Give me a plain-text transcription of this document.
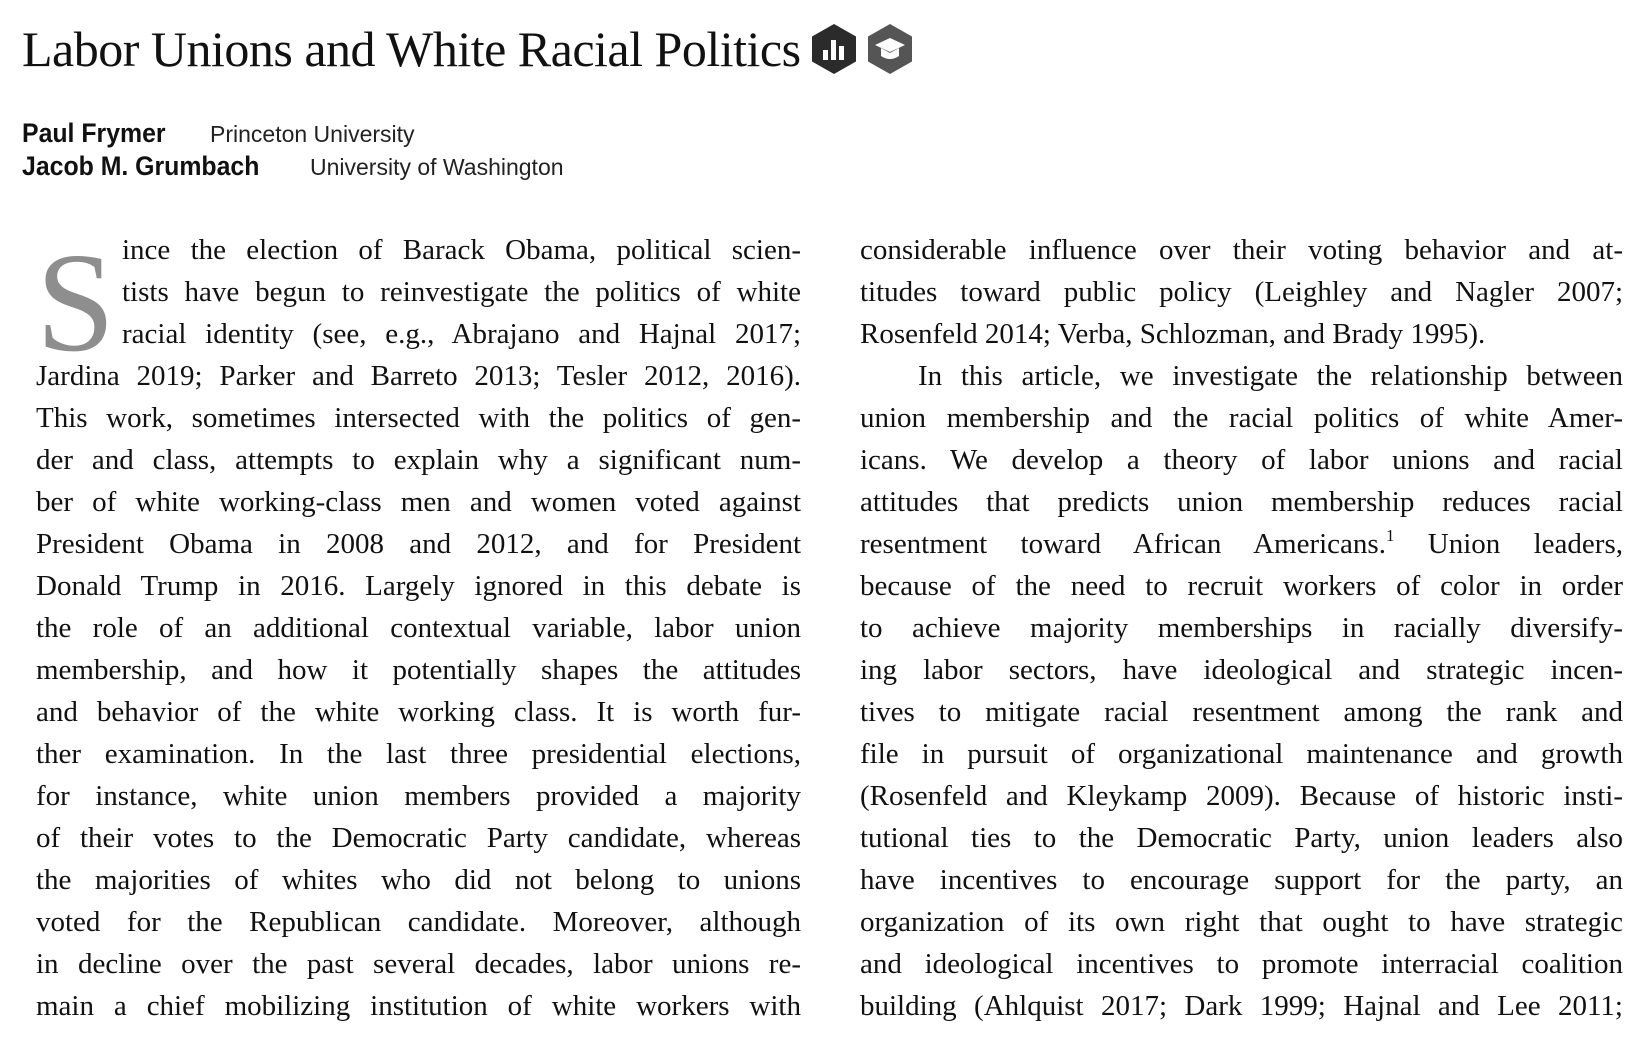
Labor Unions and White Racial Politics
Paul Frymer	Princeton University
Jacob M. Grumbach	University of Washington
S ince the election of Barack Obama, political scien-
tists have begun to reinvestigate the politics of white
racial identity (see, e.g., Abrajano and Hajnal 2017;
Jardina 2019; Parker and Barreto 2013; Tesler 2012, 2016).
This work, sometimes intersected with the politics of gen-
der and class, attempts to explain why a significant num-
ber of white working-class men and women voted against
President Obama in 2008 and 2012, and for President
Donald Trump in 2016. Largely ignored in this debate is
the role of an additional contextual variable, labor union
membership, and how it potentially shapes the attitudes
and behavior of the white working class. It is worth fur-
ther examination. In the last three presidential elections,
for instance, white union members provided a majority
of their votes to the Democratic Party candidate, whereas
the majorities of whites who did not belong to unions
voted for the Republican candidate. Moreover, although
in decline over the past several decades, labor unions re-
main a chief mobilizing institution of white workers with
considerable influence over their voting behavior and at-
titudes toward public policy (Leighley and Nagler 2007;
Rosenfeld 2014; Verba, Schlozman, and Brady 1995).
In this article, we investigate the relationship between
union membership and the racial politics of white Amer-
icans. We develop a theory of labor unions and racial
attitudes that predicts union membership reduces racial
resentment toward African Americans.$^1$ Union leaders,
because of the need to recruit workers of color in order
to achieve majority memberships in racially diversify-
ing labor sectors, have ideological and strategic incen-
tives to mitigate racial resentment among the rank and
file in pursuit of organizational maintenance and growth
(Rosenfeld and Kleykamp 2009). Because of historic insti-
tutional ties to the Democratic Party, union leaders also
have incentives to encourage support for the party, an
organization of its own right that ought to have strategic
and ideological incentives to promote interracial coalition
building (Ahlquist 2017; Dark 1999; Hajnal and Lee 2011;
